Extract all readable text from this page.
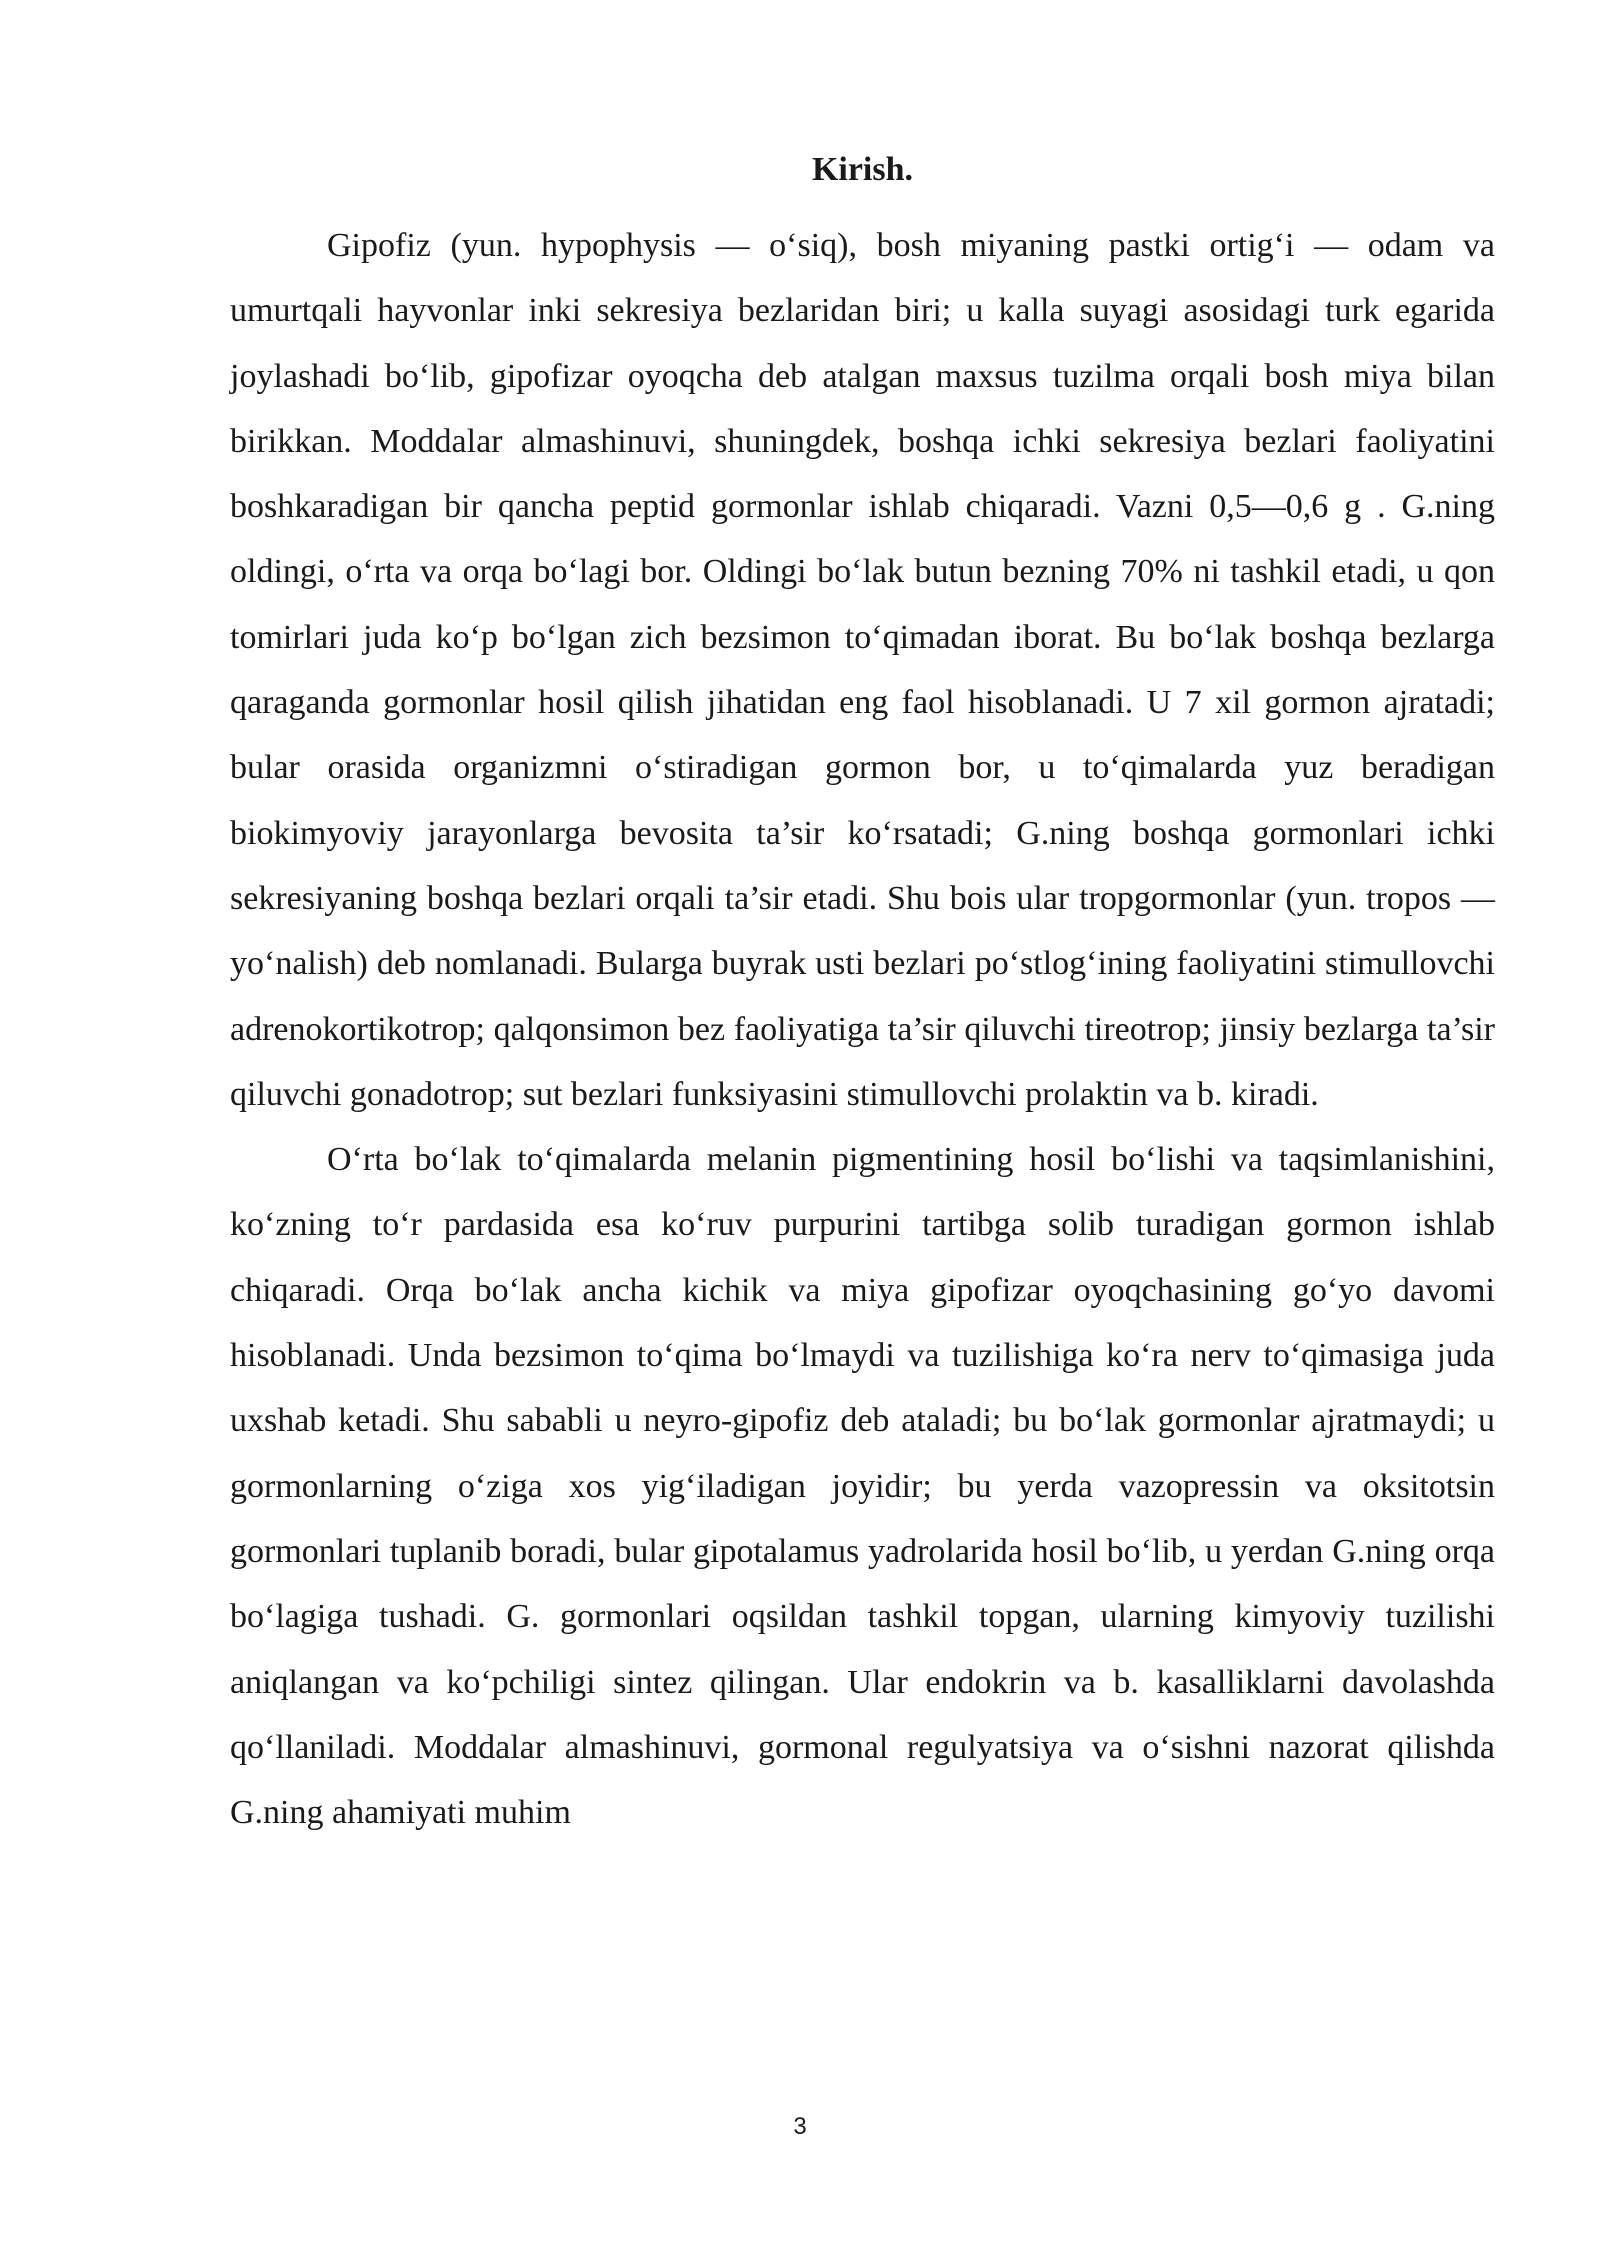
Kirish.

Gipofiz (yun. hypophysis — o‘siq), bosh miyaning pastki ortig‘i — odam va umurtqali hayvonlar inki sekresiya bezlaridan biri; u kalla suyagi asosidagi turk egarida joylashadi bo‘lib, gipofizar oyoqcha deb atalgan maxsus tuzilma orqali bosh miya bilan birikkan. Moddalar almashinuvi, shuningdek, boshqa ichki sekresiya bezlari faoliyatini boshkaradigan bir qancha peptid gormonlar ishlab chiqaradi. Vazni 0,5—0,6 g . G.ning oldingi, o‘rta va orqa bo‘lagi bor. Oldingi bo‘lak butun bezning 70% ni tashkil etadi, u qon tomirlari juda ko‘p bo‘lgan zich bezsimon to‘qimadan iborat. Bu bo‘lak boshqa bezlarga qaraganda gormonlar hosil qilish jihatidan eng faol hisoblanadi. U 7 xil gormon ajratadi; bular orasida organizmni o‘stiradigan gormon bor, u to‘qimalarda yuz beradigan biokimyoviy jarayonlarga bevosita ta’sir ko‘rsatadi; G.ning boshqa gormonlari ichki sekresiyaning boshqa bezlari orqali ta’sir etadi. Shu bois ular tropgormonlar (yun. tropos — yo‘nalish) deb nomlanadi. Bularga buyrak usti bezlari po‘stlog‘ining faoliyatini stimullovchi adrenokortikotrop; qalqonsimon bez faoliyatiga ta’sir qiluvchi tireotrop; jinsiy bezlarga ta’sir qiluvchi gonadotrop; sut bezlari funksiyasini stimullovchi prolaktin va b. kiradi.

O‘rta bo‘lak to‘qimalarda melanin pigmentining hosil bo‘lishi va taqsimlanishini, ko‘zning to‘r pardasida esa ko‘ruv purpurini tartibga solib turadigan gormon ishlab chiqaradi. Orqa bo‘lak ancha kichik va miya gipofizar oyoqchasining go‘yo davomi hisoblanadi. Unda bezsimon to‘qima bo‘lmaydi va tuzilishiga ko‘ra nerv to‘qimasiga juda uxshab ketadi. Shu sababli u neyro-gipofiz deb ataladi; bu bo‘lak gormonlar ajratmaydi; u gormonlarning o‘ziga xos yig‘iladigan joyidir; bu yerda vazopressin va oksitotsin gormonlari tuplanib boradi, bular gipotalamus yadrolarida hosil bo‘lib, u yerdan G.ning orqa bo‘lagiga tushadi. G. gormonlari oqsildan tashkil topgan, ularning kimyoviy tuzilishi aniqlangan va ko‘pchiligi sintez qilingan. Ular endokrin va b. kasalliklarni davolashda qo‘llaniladi. Moddalar almashinuvi, gormonal regulyatsiya va o‘sishni nazorat qilishda G.ning ahamiyati muhim

3
